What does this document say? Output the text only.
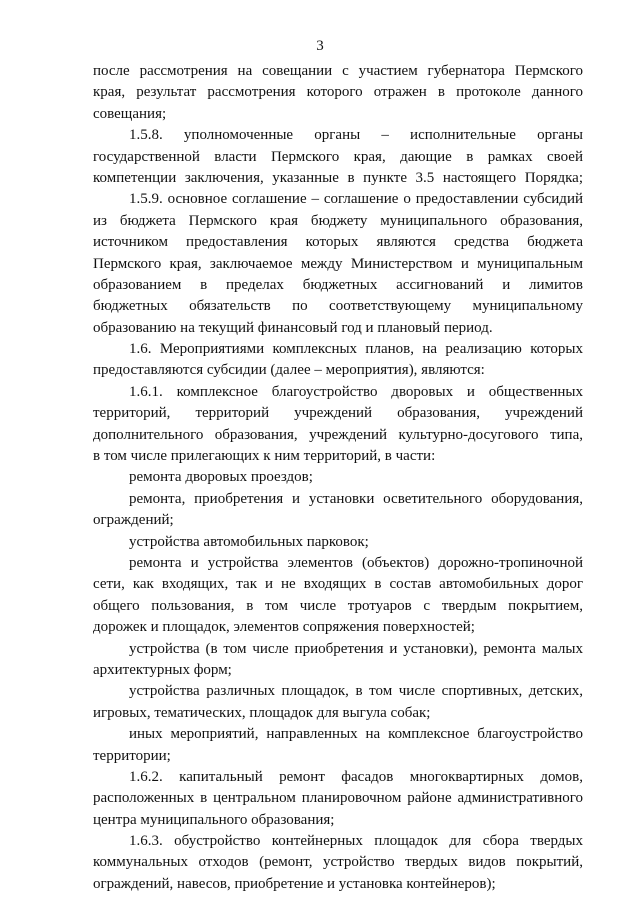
3
после рассмотрения на совещании с участием губернатора Пермского
края, результат рассмотрения которого отражен в протоколе данного
совещания;
1.5.8. уполномоченные органы – исполнительные органы
государственной власти Пермского края, дающие в рамках своей
компетенции заключения, указанные в пункте 3.5 настоящего Порядка;
1.5.9. основное соглашение – соглашение о предоставлении субсидий
из бюджета Пермского края бюджету муниципального образования,
источником предоставления которых являются средства бюджета
Пермского края, заключаемое между Министерством и муниципальным
образованием в пределах бюджетных ассигнований и лимитов
бюджетных обязательств по соответствующему муниципальному
образованию на текущий финансовый год и плановый период.
1.6. Мероприятиями комплексных планов, на реализацию которых
предоставляются субсидии (далее – мероприятия), являются:
1.6.1. комплексное благоустройство дворовых и общественных
территорий, территорий учреждений образования, учреждений
дополнительного образования, учреждений культурно-досугового типа,
в том числе прилегающих к ним территорий, в части:
ремонта дворовых проездов;
ремонта, приобретения и установки осветительного оборудования,
ограждений;
устройства автомобильных парковок;
ремонта и устройства элементов (объектов) дорожно-тропиночной
сети, как входящих, так и не входящих в состав автомобильных дорог
общего пользования, в том числе тротуаров с твердым покрытием,
дорожек и площадок, элементов сопряжения поверхностей;
устройства (в том числе приобретения и установки), ремонта малых
архитектурных форм;
устройства различных площадок, в том числе спортивных, детских,
игровых, тематических, площадок для выгула собак;
иных мероприятий, направленных на комплексное благоустройство
территории;
1.6.2. капитальный ремонт фасадов многоквартирных домов,
расположенных в центральном планировочном районе административного
центра муниципального образования;
1.6.3. обустройство контейнерных площадок для сбора твердых
коммунальных отходов (ремонт, устройство твердых видов покрытий,
ограждений, навесов, приобретение и установка контейнеров);
